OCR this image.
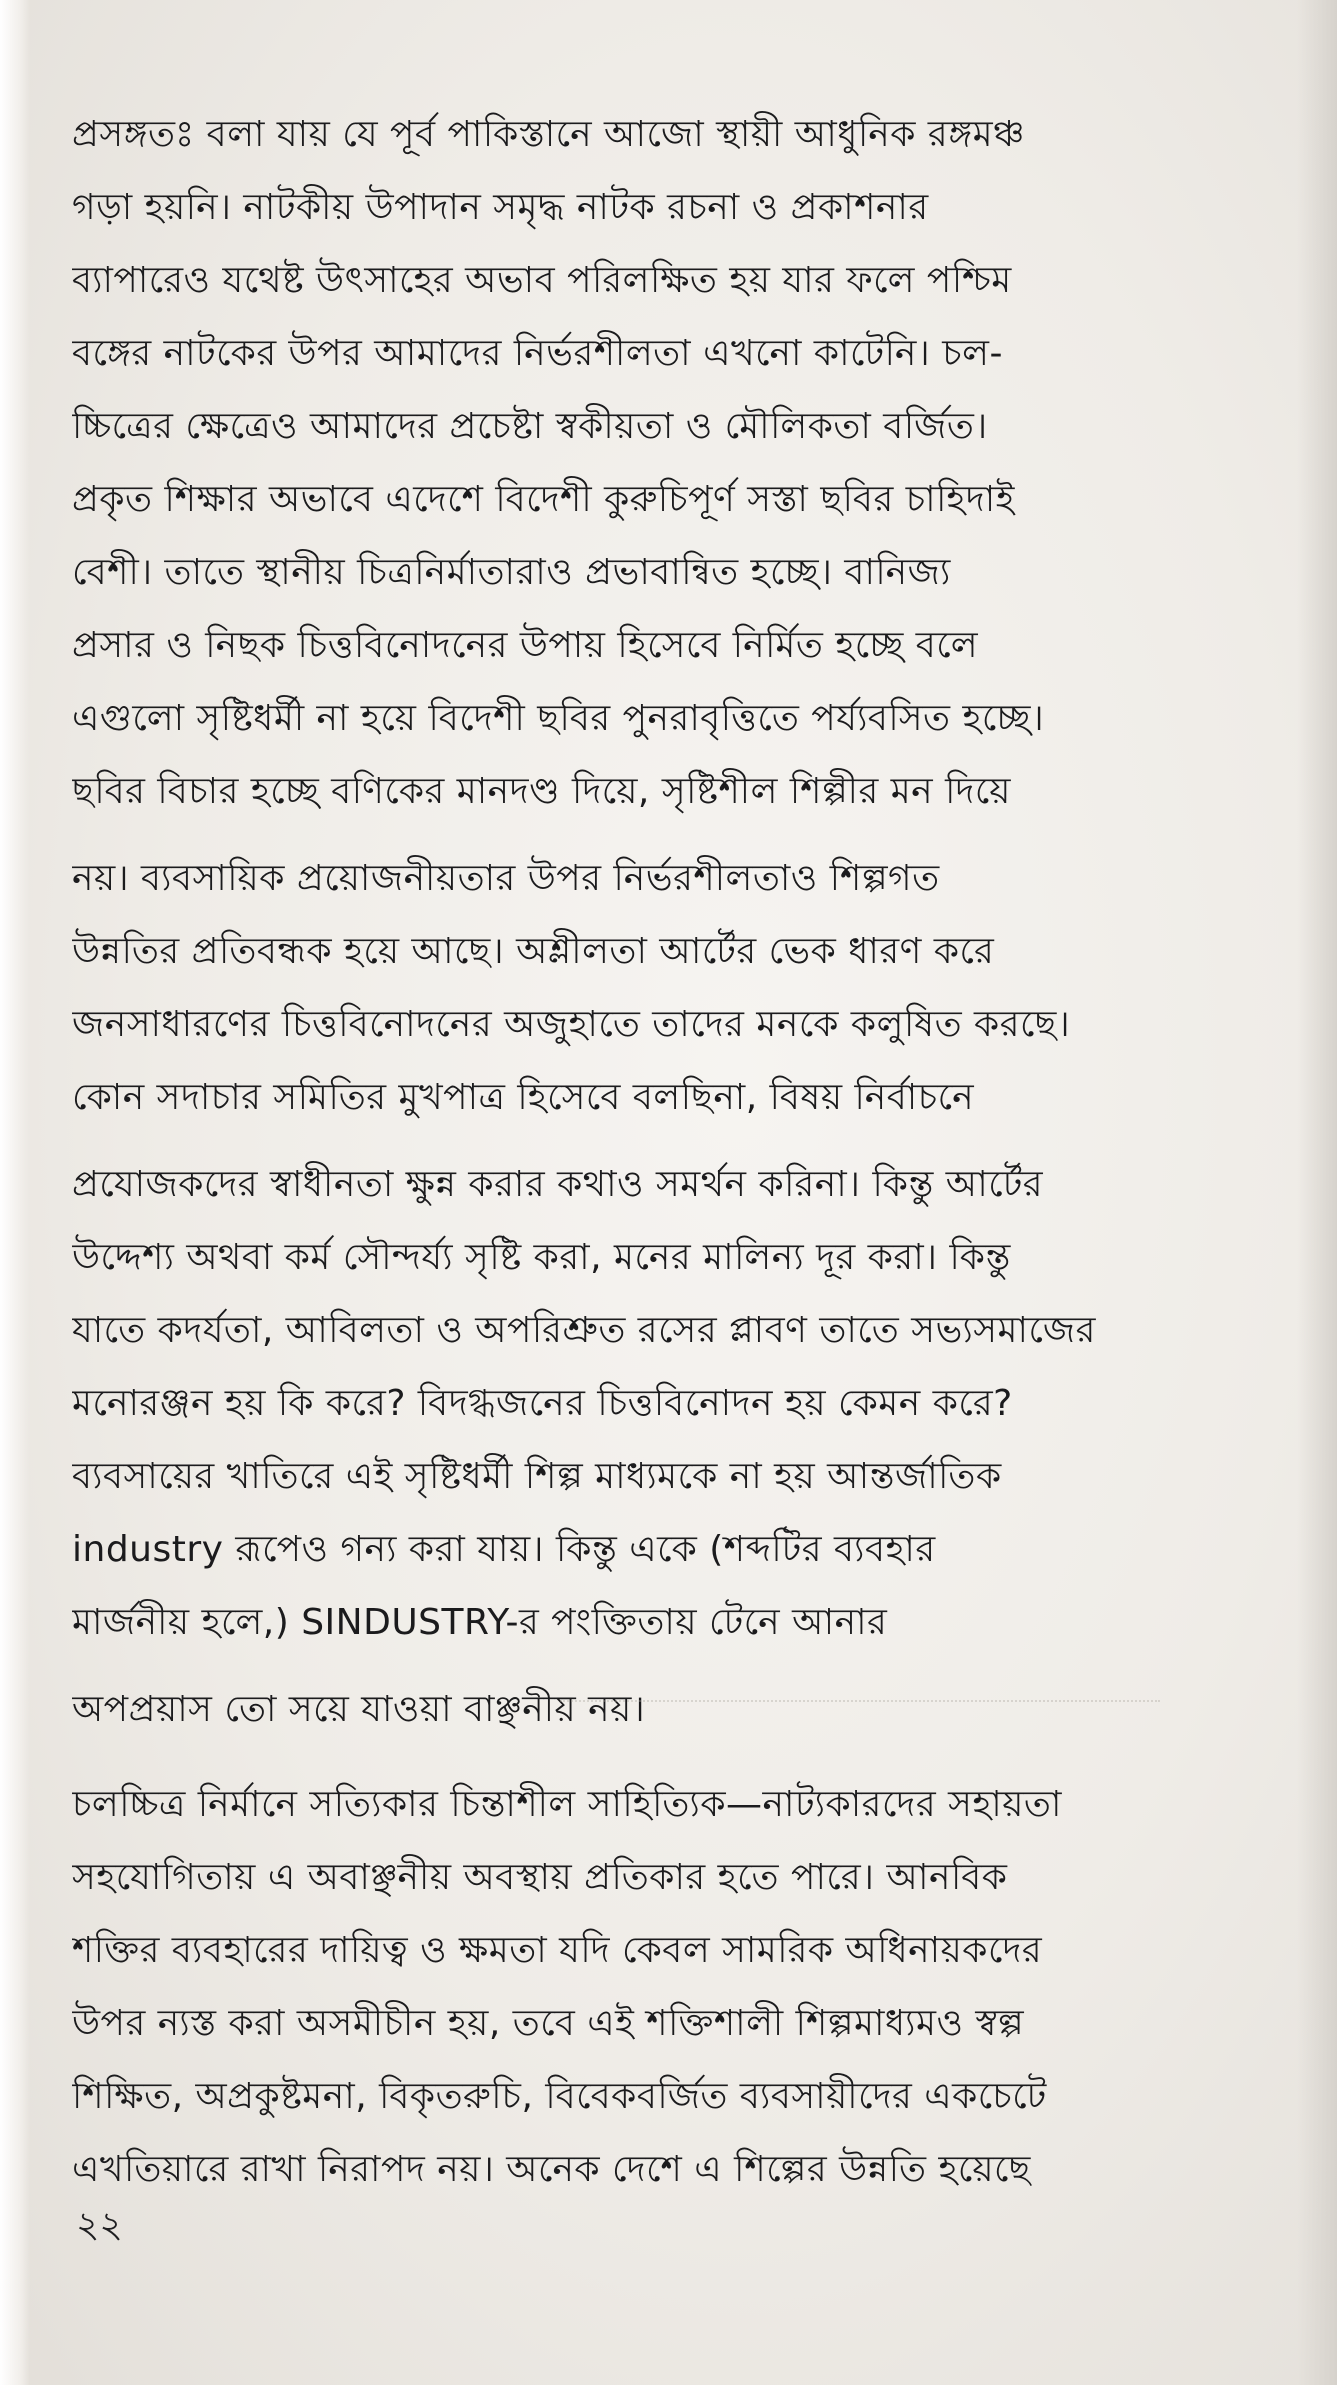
প্রসঙ্গতঃ বলা যায় যে পূর্ব পাকিস্তানে আজো স্থায়ী আধুনিক রঙ্গমঞ্চ
গড়া হয়নি। নাটকীয় উপাদান সমৃদ্ধ নাটক রচনা ও প্রকাশনার
ব্যাপারেও যথেষ্ট উৎসাহের অভাব পরিলক্ষিত হয় যার ফলে পশ্চিম
বঙ্গের নাটকের উপর আমাদের নির্ভরশীলতা এখনো কাটেনি। চল-
চ্চিত্রের ক্ষেত্রেও আমাদের প্রচেষ্টা স্বকীয়তা ও মৌলিকতা বর্জিত।
প্রকৃত শিক্ষার অভাবে এদেশে বিদেশী কুরুচিপূর্ণ সস্তা ছবির চাহিদাই
বেশী। তাতে স্থানীয় চিত্রনির্মাতারাও প্রভাবান্বিত হচ্ছে। বানিজ্য
প্রসার ও নিছক চিত্তবিনোদনের উপায় হিসেবে নির্মিত হচ্ছে বলে
এগুলো সৃষ্টিধর্মী না হয়ে বিদেশী ছবির পুনরাবৃত্তিতে পর্য্যবসিত হচ্ছে।
ছবির বিচার হচ্ছে বণিকের মানদণ্ড দিয়ে, সৃষ্টিশীল শিল্পীর মন দিয়ে
নয়। ব্যবসায়িক প্রয়োজনীয়তার উপর নির্ভরশীলতাও শিল্পগত
উন্নতির প্রতিবন্ধক হয়ে আছে। অশ্লীলতা আর্টের ভেক ধারণ করে
জনসাধারণের চিত্তবিনোদনের অজুহাতে তাদের মনকে কলুষিত করছে।
কোন সদাচার সমিতির মুখপাত্র হিসেবে বলছিনা, বিষয় নির্বাচনে
প্রযোজকদের স্বাধীনতা ক্ষুন্ন করার কথাও সমর্থন করিনা। কিন্তু আর্টের
উদ্দেশ্য অথবা কর্ম সৌন্দর্য্য সৃষ্টি করা, মনের মালিন্য দূর করা। কিন্তু
যাতে কদর্যতা, আবিলতা ও অপরিশ্রুত রসের প্লাবণ তাতে সভ্যসমাজের
মনোরঞ্জন হয় কি করে? বিদগ্ধজনের চিত্তবিনোদন হয় কেমন করে?
ব্যবসায়ের খাতিরে এই সৃষ্টিধর্মী শিল্প মাধ্যমকে না হয় আন্তর্জাতিক
industry রূপেও গন্য করা যায়। কিন্তু একে (শব্দটির ব্যবহার
মার্জনীয় হলে,) SINDUSTRY-র পংক্তিতায় টেনে আনার
অপপ্রয়াস তো সয়ে যাওয়া বাঞ্ছনীয় নয়।
চলচ্চিত্র নির্মানে সত্যিকার চিন্তাশীল সাহিত্যিক—নাট্যকারদের সহায়তা
সহযোগিতায় এ অবাঞ্ছনীয় অবস্থায় প্রতিকার হতে পারে। আনবিক
শক্তির ব্যবহারের দায়িত্ব ও ক্ষমতা যদি কেবল সামরিক অধিনায়কদের
উপর ন্যস্ত করা অসমীচীন হয়, তবে এই শক্তিশালী শিল্পমাধ্যমও স্বল্প
শিক্ষিত, অপ্রকুষ্টমনা, বিকৃতরুচি, বিবেকবর্জিত ব্যবসায়ীদের একচেটে
এখতিয়ারে রাখা নিরাপদ নয়। অনেক দেশে এ শিল্পের উন্নতি হয়েছে
২২
